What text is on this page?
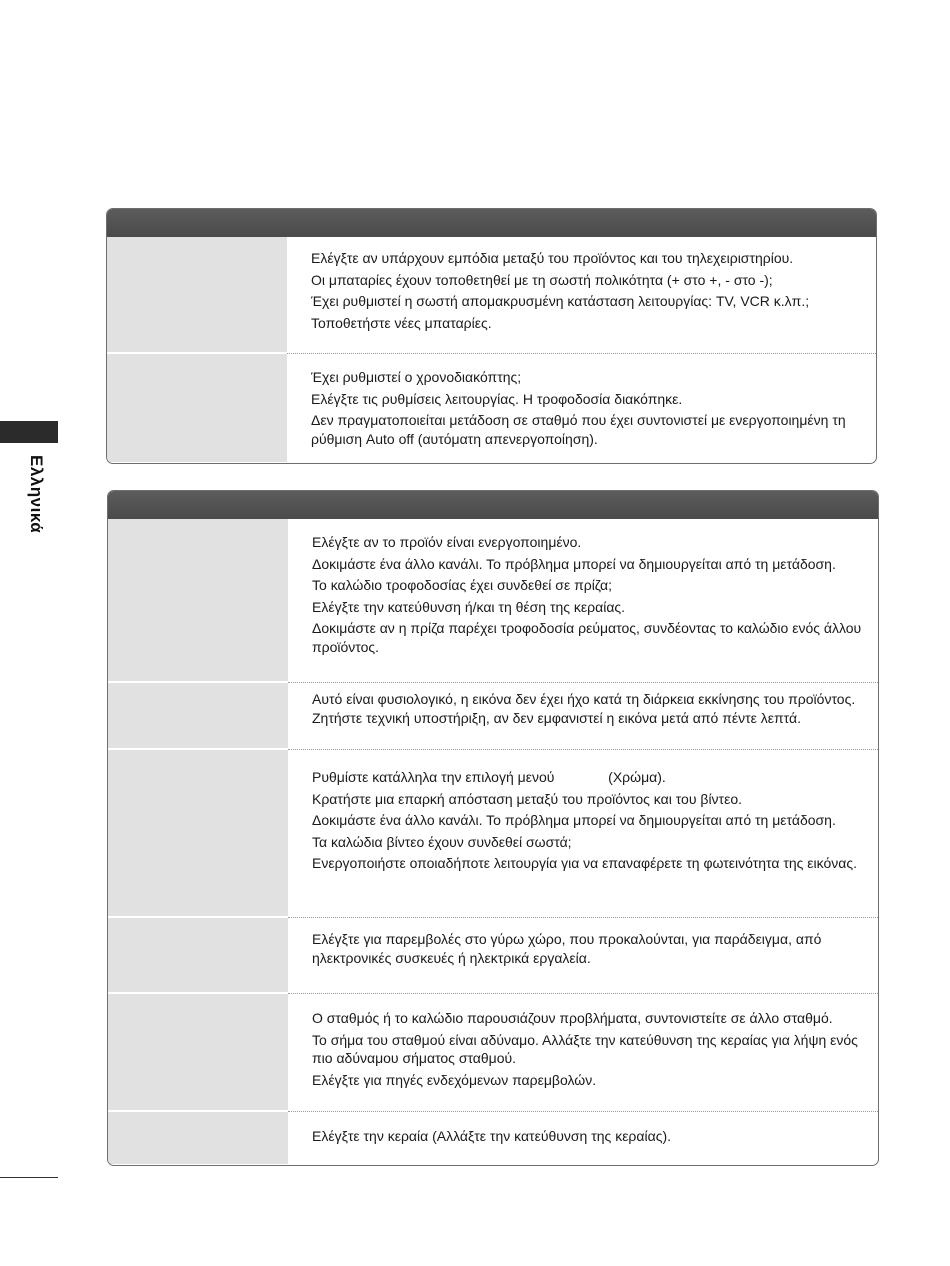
Ελληνικά

Ελέγξτε αν υπάρχουν εμπόδια μεταξύ του προϊόντος και του τηλεχειριστηρίου.

Οι μπαταρίες έχουν τοποθετηθεί με τη σωστή πολικότητα (+ στο +, - στο -);

Έχει ρυθμιστεί η σωστή απομακρυσμένη κατάσταση λειτουργίας: TV, VCR κ.λπ.;

Τοποθετήστε νέες μπαταρίες.

Έχει ρυθμιστεί ο χρονοδιακόπτης;

Ελέγξτε τις ρυθμίσεις λειτουργίας. Η τροφοδοσία διακόπηκε.

Δεν πραγματοποιείται μετάδοση σε σταθμό που έχει συντονιστεί με ενεργοποιημένη τη ρύθμιση Auto off (αυτόματη απενεργοποίηση).

Ελέγξτε αν το προϊόν είναι ενεργοποιημένο.

Δοκιμάστε ένα άλλο κανάλι. Το πρόβλημα μπορεί να δημιουργείται από τη μετάδοση.

Το καλώδιο τροφοδοσίας έχει συνδεθεί σε πρίζα;

Ελέγξτε την κατεύθυνση ή/και τη θέση της κεραίας.

Δοκιμάστε αν η πρίζα παρέχει τροφοδοσία ρεύματος, συνδέοντας το καλώδιο ενός άλλου προϊόντος.

Αυτό είναι φυσιολογικό, η εικόνα δεν έχει ήχο κατά τη διάρκεια εκκίνησης του προϊόντος. Ζητήστε τεχνική υποστήριξη, αν δεν εμφανιστεί η εικόνα μετά από πέντε λεπτά.

Ρυθμίστε κατάλληλα την επιλογή μενού	(Χρώμα).

Κρατήστε μια επαρκή απόσταση μεταξύ του προϊόντος και του βίντεο.

Δοκιμάστε ένα άλλο κανάλι. Το πρόβλημα μπορεί να δημιουργείται από τη μετάδοση.

Τα καλώδια βίντεο έχουν συνδεθεί σωστά;

Ενεργοποιήστε οποιαδήποτε λειτουργία για να επαναφέρετε τη φωτεινότητα της εικόνας.

Ελέγξτε για παρεμβολές στο γύρω χώρο, που προκαλούνται, για παράδειγμα, από ηλεκτρονικές συσκευές ή ηλεκτρικά εργαλεία.

Ο σταθμός ή το καλώδιο παρουσιάζουν προβλήματα, συντονιστείτε σε άλλο σταθμό.

Το σήμα του σταθμού είναι αδύναμο. Αλλάξτε την κατεύθυνση της κεραίας για λήψη ενός πιο αδύναμου σήματος σταθμού.

Ελέγξτε για πηγές ενδεχόμενων παρεμβολών.

Ελέγξτε την κεραία (Αλλάξτε την κατεύθυνση της κεραίας).
